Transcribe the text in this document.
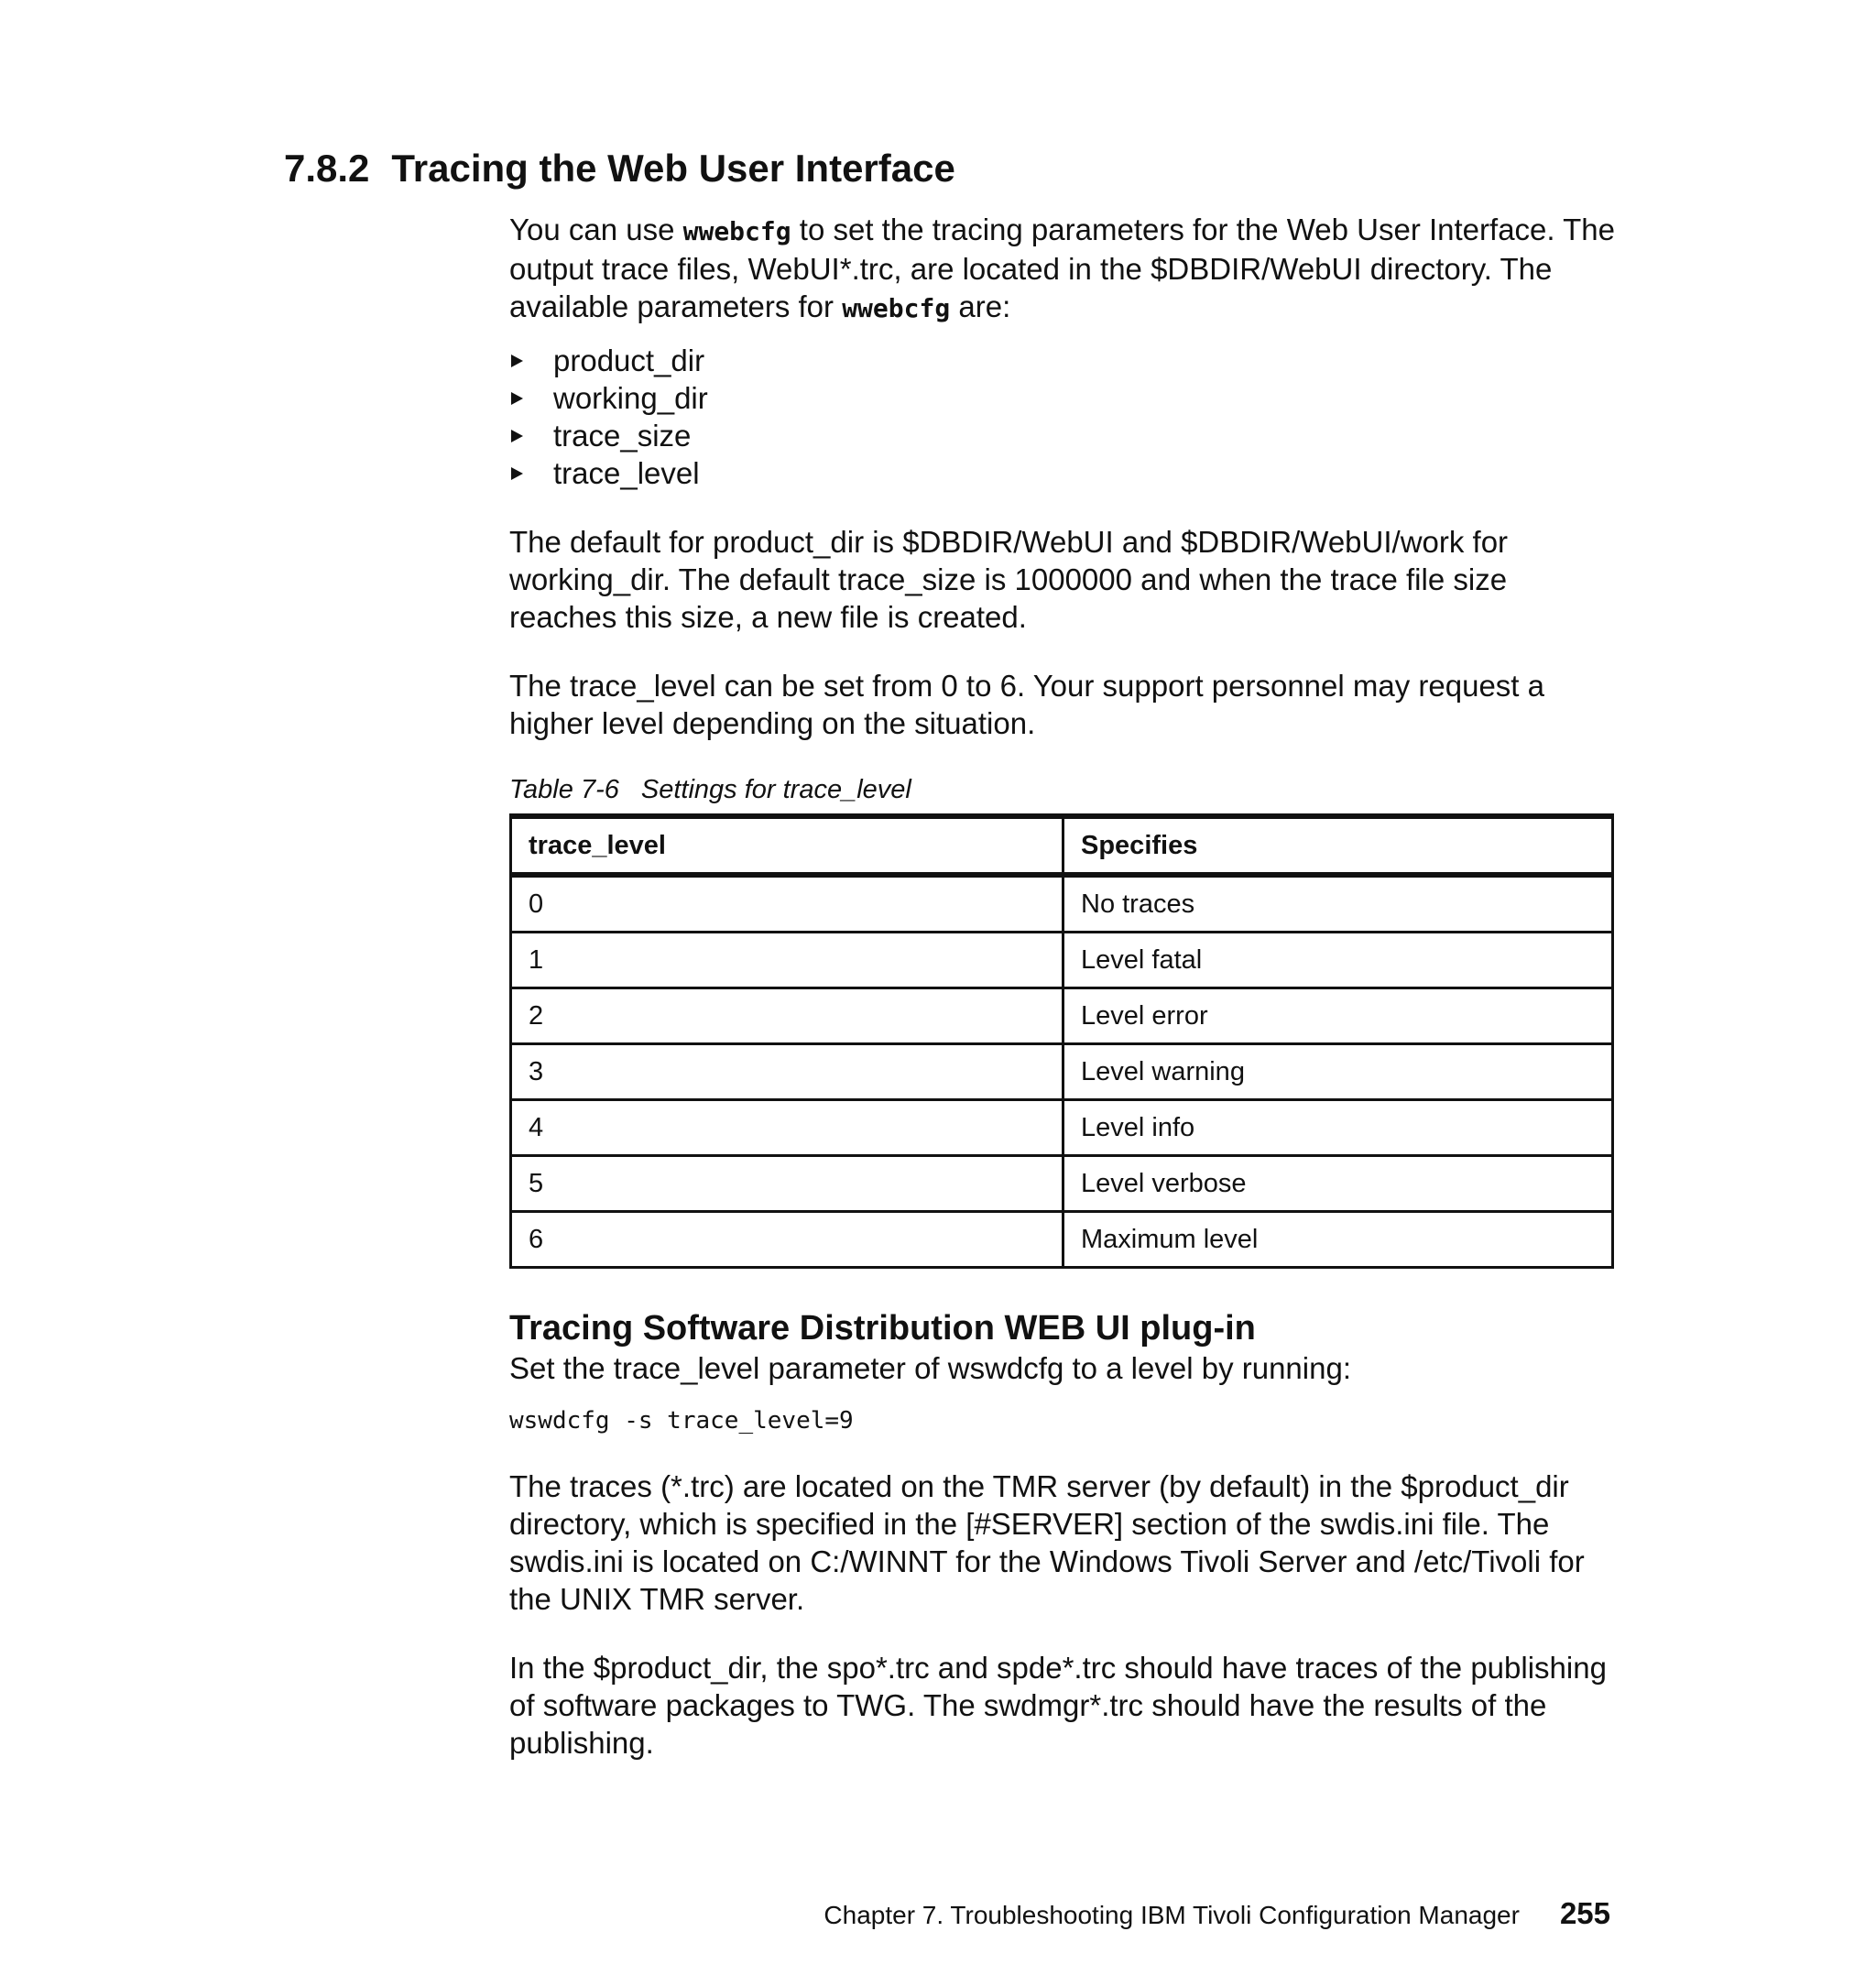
7.8.2 Tracing the Web User Interface

You can use wwebcfg to set the tracing parameters for the Web User Interface. The output trace files, WebUI*.trc, are located in the $DBDIR/WebUI directory. The available parameters for wwebcfg are:

product_dir
working_dir
trace_size
trace_level

The default for product_dir is $DBDIR/WebUI and $DBDIR/WebUI/work for working_dir. The default trace_size is 1000000 and when the trace file size reaches this size, a new file is created.

The trace_level can be set from 0 to 6. Your support personnel may request a higher level depending on the situation.

Table 7-6 Settings for trace_level

trace_level	Specifies
0	No traces
1	Level fatal
2	Level error
3	Level warning
4	Level info
5	Level verbose
6	Maximum level
Tracing Software Distribution WEB UI plug-in

Set the trace_level parameter of wswdcfg to a level by running:

wswdcfg -s trace_level=9

The traces (*.trc) are located on the TMR server (by default) in the $product_dir directory, which is specified in the [#SERVER] section of the swdis.ini file. The swdis.ini is located on C:/WINNT for the Windows Tivoli Server and /etc/Tivoli for the UNIX TMR server.

In the $product_dir, the spo*.trc and spde*.trc should have traces of the publishing of software packages to TWG. The swdmgr*.trc should have the results of the publishing.

Chapter 7. Troubleshooting IBM Tivoli Configuration Manager 255
